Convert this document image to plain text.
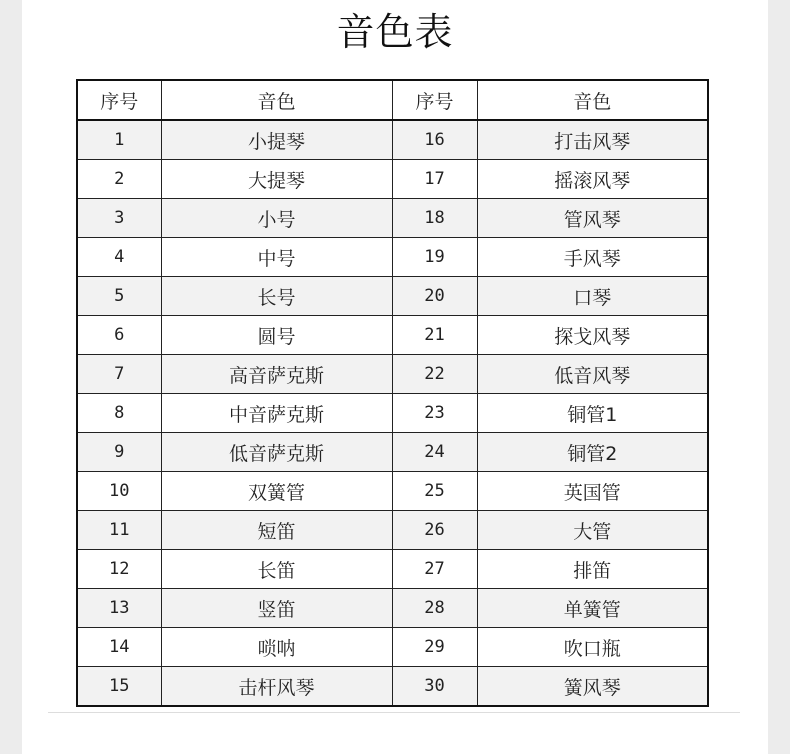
音色表
序号	音色	序号	音色
1	小提琴	16	打击风琴
2	大提琴	17	摇滚风琴
3	小号	18	管风琴
4	中号	19	手风琴
5	长号	20	口琴
6	圆号	21	探戈风琴
7	高音萨克斯	22	低音风琴
8	中音萨克斯	23	铜管1
9	低音萨克斯	24	铜管2
10	双簧管	25	英国管
11	短笛	26	大管
12	长笛	27	排笛
13	竖笛	28	单簧管
14	唢呐	29	吹口瓶
15	击杆风琴	30	簧风琴
